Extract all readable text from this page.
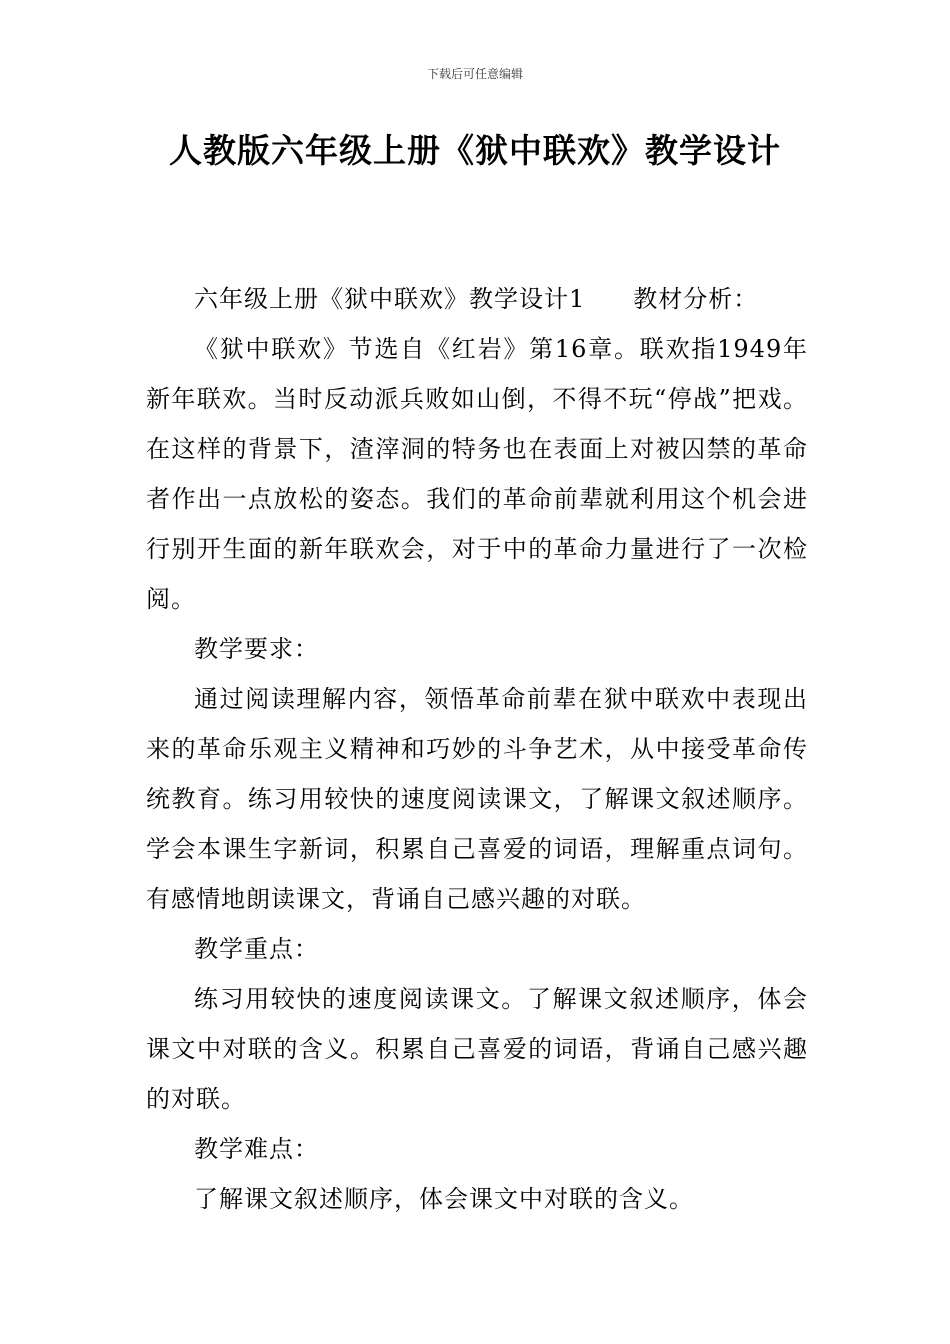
下载后可任意编辑
人教版六年级上册《狱中联欢》教学设计

六年级上册《狱中联欢》教学设计1 教材分析：

《狱中联欢》节选自《红岩》第16章。联欢指1949年新年联欢。当时反动派兵败如山倒，不得不玩“停战”把戏。在这样的背景下，渣滓洞的特务也在表面上对被囚禁的革命者作出一点放松的姿态。我们的革命前辈就利用这个机会进行别开生面的新年联欢会，对于中的革命力量进行了一次检阅。

教学要求：

通过阅读理解内容，领悟革命前辈在狱中联欢中表现出来的革命乐观主义精神和巧妙的斗争艺术，从中接受革命传统教育。练习用较快的速度阅读课文，了解课文叙述顺序。学会本课生字新词，积累自己喜爱的词语，理解重点词句。有感情地朗读课文，背诵自己感兴趣的对联。

教学重点：

练习用较快的速度阅读课文。了解课文叙述顺序，体会课文中对联的含义。积累自己喜爱的词语，背诵自己感兴趣的对联。

教学难点：

了解课文叙述顺序，体会课文中对联的含义。
